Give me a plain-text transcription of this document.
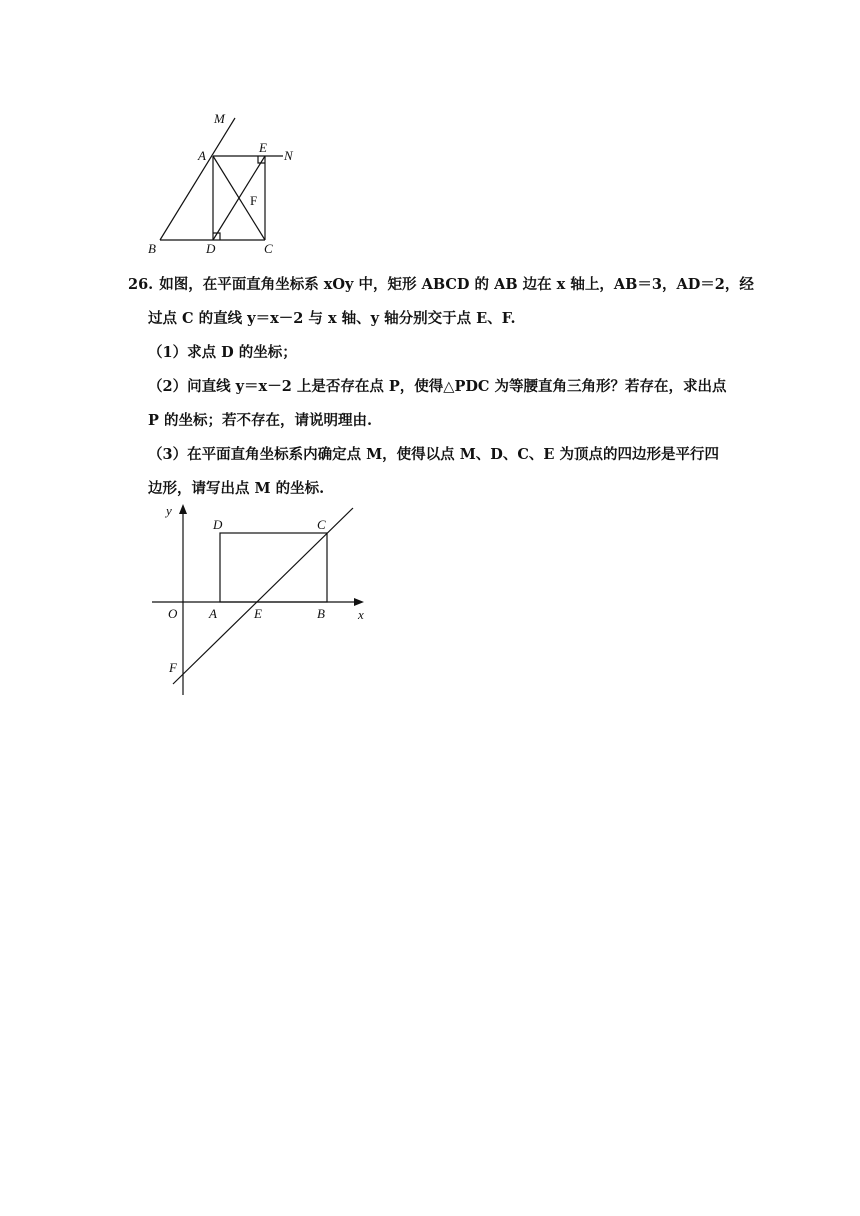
M
A
E
N
F
B	D	C
26. 如图，在平面直角坐标系 xOy 中，矩形 ABCD 的 AB 边在 x 轴上，AB＝3，AD＝2，经
过点 C 的直线 y＝x－2 与 x 轴、y 轴分别交于点 E、F.
（1）求点 D 的坐标；
（2）问直线 y＝x－2 上是否存在点 P，使得△PDC 为等腰直角三角形？若存在，求出点
P 的坐标；若不存在，请说明理由.
（3）在平面直角坐标系内确定点 M，使得以点 M、D、C、E 为顶点的四边形是平行四
边形，请写出点 M 的坐标.
y
x
O A	E	B
D	C
F
